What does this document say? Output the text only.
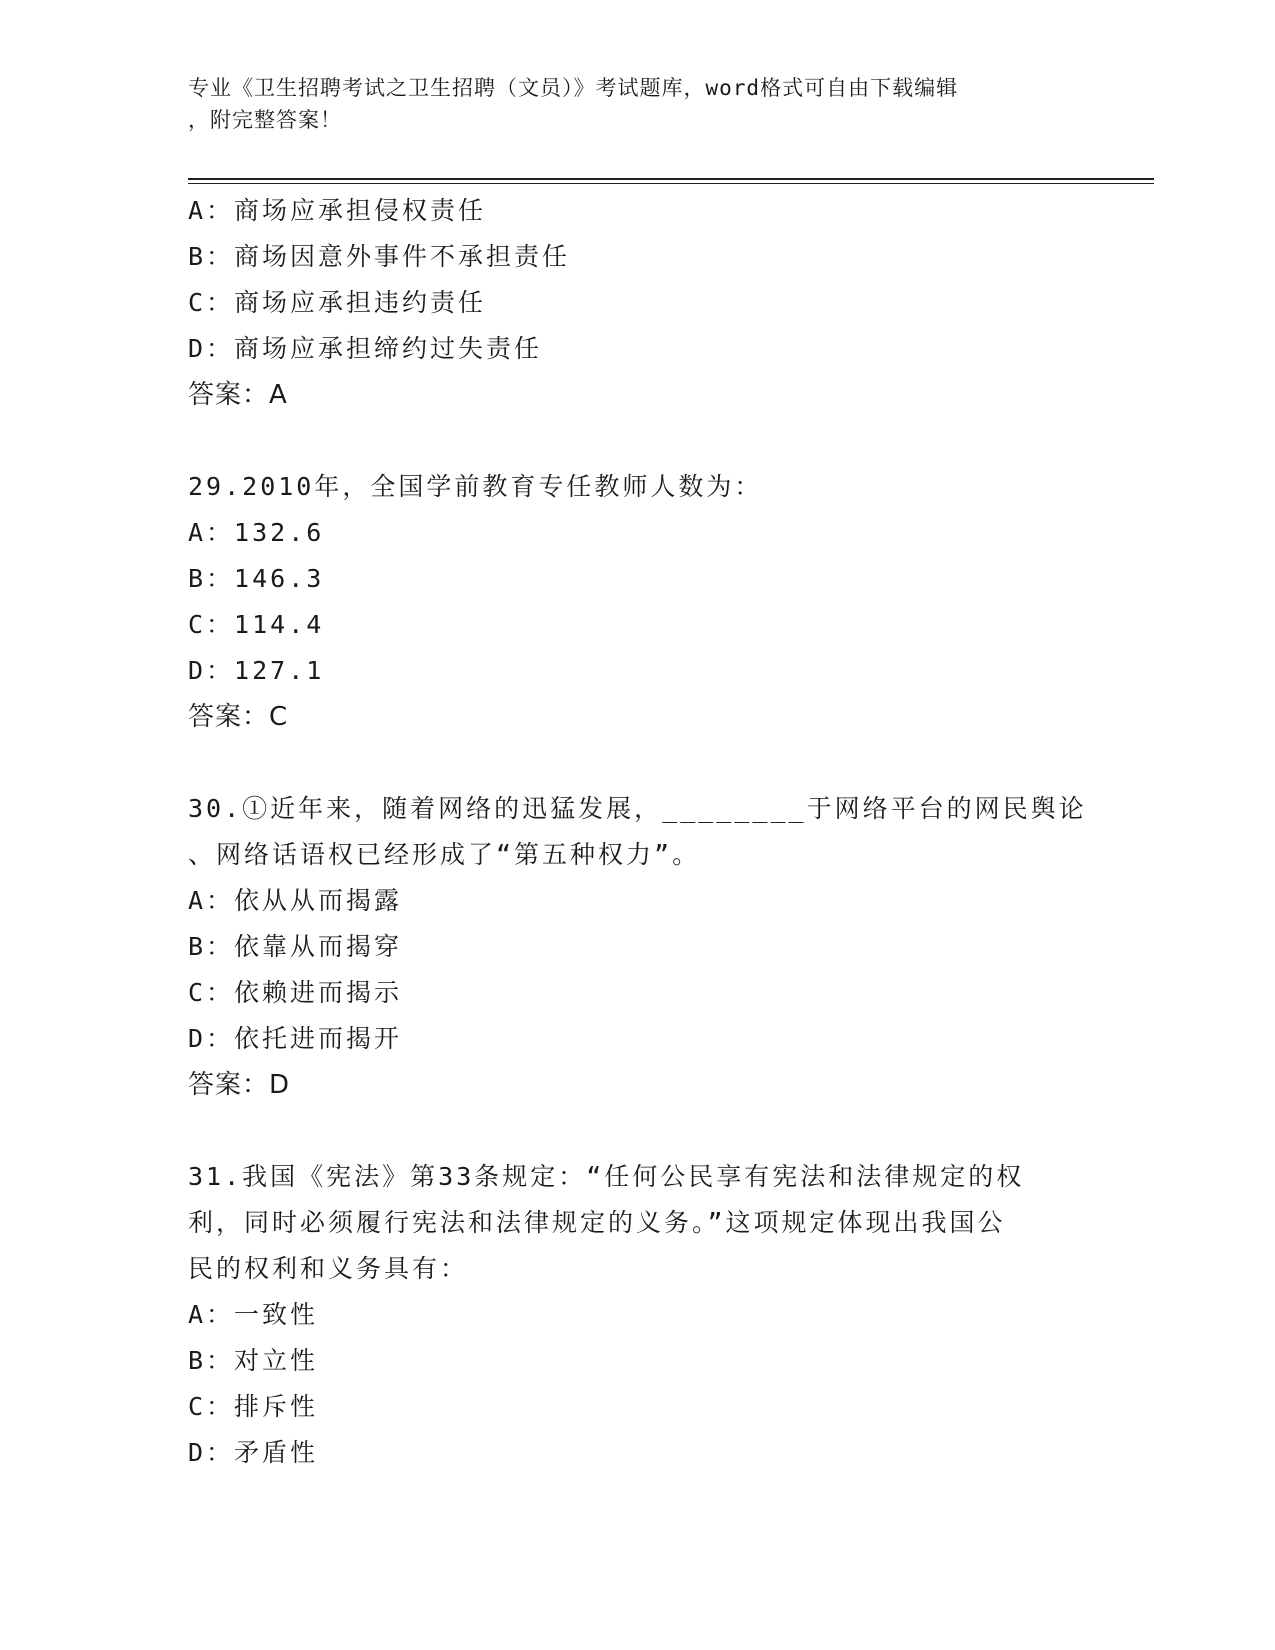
专业《卫生招聘考试之卫生招聘（文员）》考试题库，word格式可自由下载编辑
，附完整答案！
A：商场应承担侵权责任
B：商场因意外事件不承担责任
C：商场应承担违约责任
D：商场应承担缔约过失责任
答案：A
29.2010年，全国学前教育专任教师人数为：
A：132.6
B：146.3
C：114.4
D：127.1
答案：C
30.①近年来，随着网络的迅猛发展，________于网络平台的网民舆论
、网络话语权已经形成了“第五种权力”。
A：依从从而揭露
B：依靠从而揭穿
C：依赖进而揭示
D：依托进而揭开
答案：D
31.我国《宪法》第33条规定：“任何公民享有宪法和法律规定的权
利，同时必须履行宪法和法律规定的义务。”这项规定体现出我国公
民的权利和义务具有：
A：一致性
B：对立性
C：排斥性
D：矛盾性
